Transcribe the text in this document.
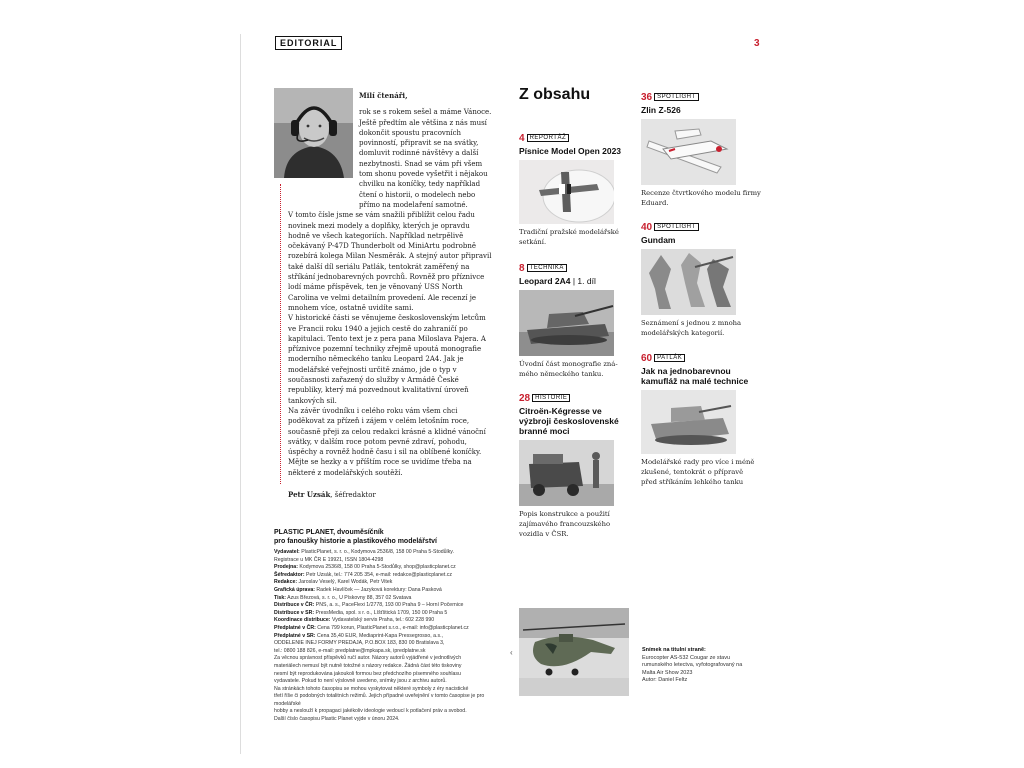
EDITORIAL	3
Milí čtenáři,
rok se s rokem sešel a máme Vánoce. Ještě předtím ale většina z nás musí dokončit spoustu pracovních povinností, připravit se na svátky, domluvit rodinné návštěvy a další nezbytnosti. Snad se vám při všem tom shonu povede vyšetřit i nějakou chvilku na koníčky, tedy například čtení o historii, o modelech nebo přímo na modelaření samotné.
V tomto čísle jsme se vám snažili přiblížit celou řadu novinek mezi modely a doplňky, kterých je opravdu hodně ve všech kategoriích. Například netrpělivě očekávaný P-47D Thunderbolt od MiniArtu podrobně rozebírá kolega Milan Nesměrák. A stejný autor připravil také další díl seriálu Patlák, tentokrát zaměřený na stříkání jednobarevných povrchů. Rovněž pro příznivce lodí máme příspěvek, ten je věnovaný USS North Carolina ve velmi detailním provedení. Ale recenzí je mnohem více, ostatně uvidíte sami.
V historické části se věnujeme československým letcům ve Francii roku 1940 a jejich cestě do zahraničí po kapitulaci. Tento text je z pera pana Miloslava Pajera. A příznivce pozemní techniky zřejmě upoutá monografie moderního německého tanku Leopard 2A4. Jak je modelářské veřejnosti určitě známo, jde o typ v současnosti zařazený do služby v Armádě České republiky, který má pozvednout kvalitativní úroveň tankových sil.
Na závěr úvodníku i celého roku vám všem chci poděkovat za přízeň i zájem v celém letošním roce, současně přeji za celou redakci krásné a klidné vánoční svátky, v dalším roce potom pevné zdraví, pohodu, úspěchy a rovněž hodně času i sil na oblíbené koníčky. Mějte se hezky a v příštím roce se uvidíme třeba na některé z modelářských soutěží.
Petr Uzsák, šéfredaktor
PLASTIC PLANET, dvouměsíčník
pro fanoušky historie a plastikového modelářství
Vydavatel: PlasticPlanet, s. r. o., Kodymova 2536/8, 158 00 Praha 5-Stodůlky.
Registrace u MK ČR E 19921, ISSN 1804-4298
Prodejna: Kodymova 2536/8, 158 00 Praha 5-Stodůlky, shop@plasticplanet.cz
Šéfredaktor: Petr Uzsák, tel.: 774 205 354, e-mail: redakce@plasticplanet.cz
Redakce: Jaroslav Veselý, Karel Wodák, Petr Vitek
Grafická úprava: Radek Havlíček — Jazyková korektury: Dana Pasková
Tisk: Azus Březová, s. r. o., U Pískovny 88, 357 02 Svatava
Distribuce v ČR: PNS, a. s., PaceFlexi 1/2778, 193 00 Praha 9 – Horní Počernice
Distribuce v SR: PressMedia, spol. s r. o., Líšťštická 1709, 150 00 Praha 5
Koordinace distribuce: Vydavatelský servis Praha, tel.: 602 228 990
Předplatné v ČR: Cena 799 korun, PlasticPlanet s.r.o., e-mail: info@plasticplanet.cz
Předplatné v SR: Cena 35,40 EUR, Mediaprint-Kapa Pressegrosso, a.s.,
ODDELENIE INEJ FORMY PREDAJA, P.O.BOX 183, 830 00 Bratislava 3,
tel.: 0800 188 826, e-mail: predplatne@mpkapa.sk, ipredplatne.sk
Za věcnou správnost příspěvků ručí autor. Názory autorů vyjádřené v jednotlivých
materiálech nemusí být nutně totožné s názory redakce. Žádná část této tiskoviny
nesmí být reprodukována jakoukoli formou bez předchozího písemného souhlasu
vydavatele. Pokud to není výslovně uvedeno, snímky jsou z archivu autorů.
Na stránkách tohoto časopisu se mohou vyskytovat některé symboly z éry nacistické
třetí říše či podobných totalitních režimů. Jejich případné uveřejnění v tomto časopise je pro modelářské
hobby a neslouží k propagaci jakékoliv ideologie vedoucí k potlačení práv a svobod.
Další číslo časopisu Plastic Planet vyjde v únoru 2024.
Z obsahu
4 REPORTÁŽ
Písnice Model Open 2023
Tradiční pražské modelářské setkání.
8 TECHNIKA
Leopard 2A4 | 1. díl
Úvodní část monografie zná-mého německého tanku.
28 HISTORIE
Citroën-Kégresse ve výzbroji československé branné moci
Popis konstrukce a použití zajímavého francouzského vozidla v ČSR.
36 SPOTLIGHT
Zlin Z-526
Recenze čtvrtkového modelu firmy Eduard.
40 SPOTLIGHT
Gundam
Seznámení s jednou z mnoha modelářských kategorií.
60 PATLÁK
Jak na jednobarevnou kamufláž na malé technice
Modelářské rady pro více i méně zkušené, tentokrát o přípravě před stříkáním lehkého tanku
‹	Snímek na titulní straně:
Eurocopter AS-532 Cougar ze stavu rumunského letectva, vyfotografovaný na Malta Air Show 2023
Autor: Daniel Feltz
